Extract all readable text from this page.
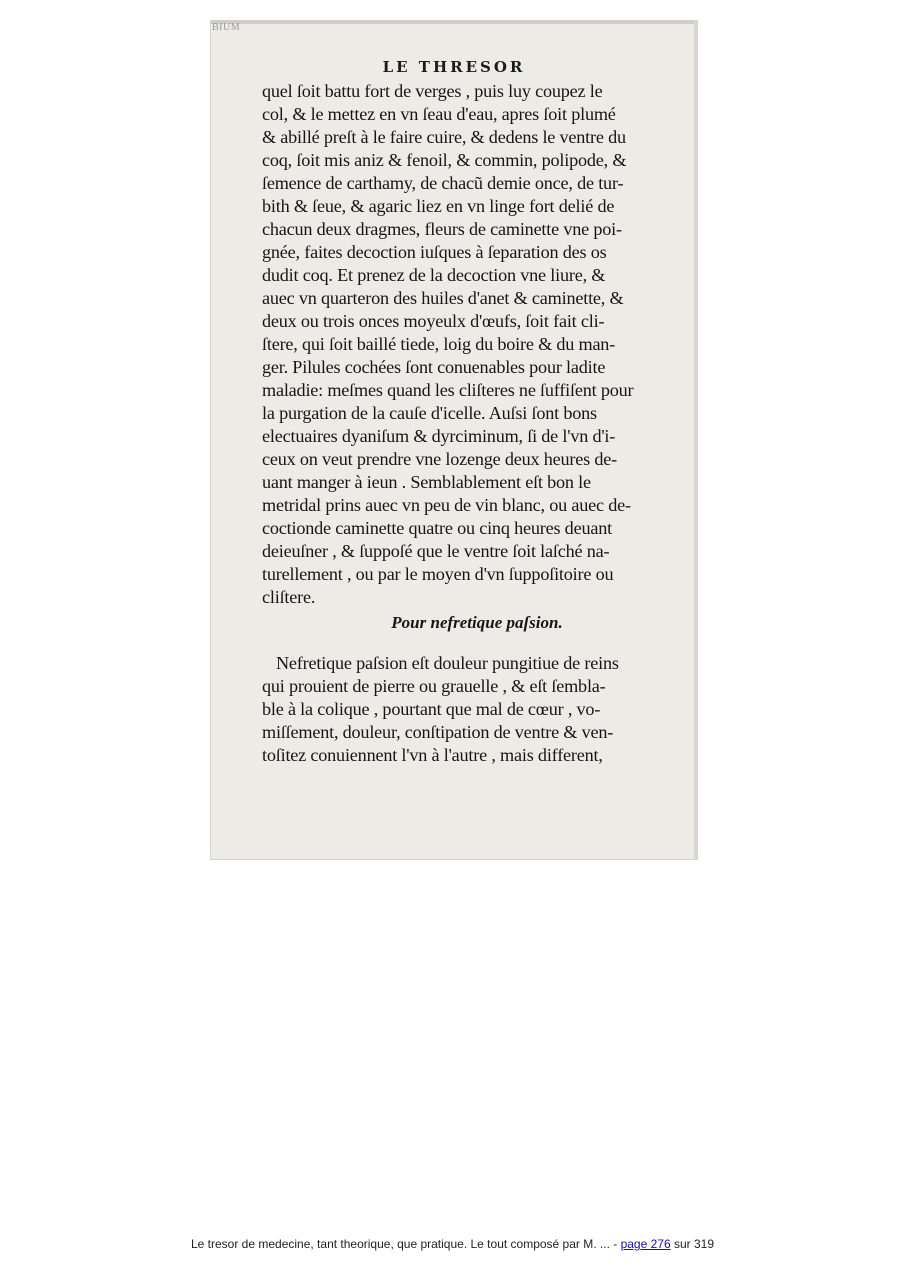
BIUM
LE THRESOR
quel ſoit battu fort de verges , puis luy coupez le
col, & le mettez en vn ſeau d'eau, apres ſoit plumé
& abillé preſt à le faire cuire, & dedens le ventre du
coq, ſoit mis aniz & fenoil, & commin, polipode, &
ſemence de carthamy, de chacũ demie once, de tur-
bith & ſeue, & agaric liez en vn linge fort delié de
chacun deux dragmes, fleurs de caminette vne poi-
gnée, faites decoction iuſques à ſeparation des os
dudit coq. Et prenez de la decoction vne liure, &
auec vn quarteron des huiles d'anet & caminette, &
deux ou trois onces moyeulx d'œufs, ſoit fait cli-
ſtere, qui ſoit baillé tiede, loig du boire & du man-
ger. Pilules cochées ſont conuenables pour ladite
maladie: meſmes quand les cliſteres ne ſuffiſent pour
la purgation de la cauſe d'icelle. Auſsi ſont bons
electuaires dyaniſum & dyrciminum, ſi de l'vn d'i-
ceux on veut prendre vne lozenge deux heures de-
uant manger à ieun . Semblablement eſt bon le
metridal prins auec vn peu de vin blanc, ou auec de-
coctionde caminette quatre ou cinq heures deuant
deieuſner , & ſuppoſé que le ventre ſoit laſché na-
turellement , ou par le moyen d'vn ſuppoſitoire ou
cliſtere.
Pour nefretique paſsion.
Nefretique paſsion eſt douleur pungitiue de reins
qui prouient de pierre ou grauelle , & eſt ſembla-
ble à la colique , pourtant que mal de cœur , vo-
miſſement, douleur, conſtipation de ventre & ven-
toſitez conuiennent l'vn à l'autre , mais different,
Le tresor de medecine, tant theorique, que pratique. Le tout composé par M. ... - page 276 sur 319
